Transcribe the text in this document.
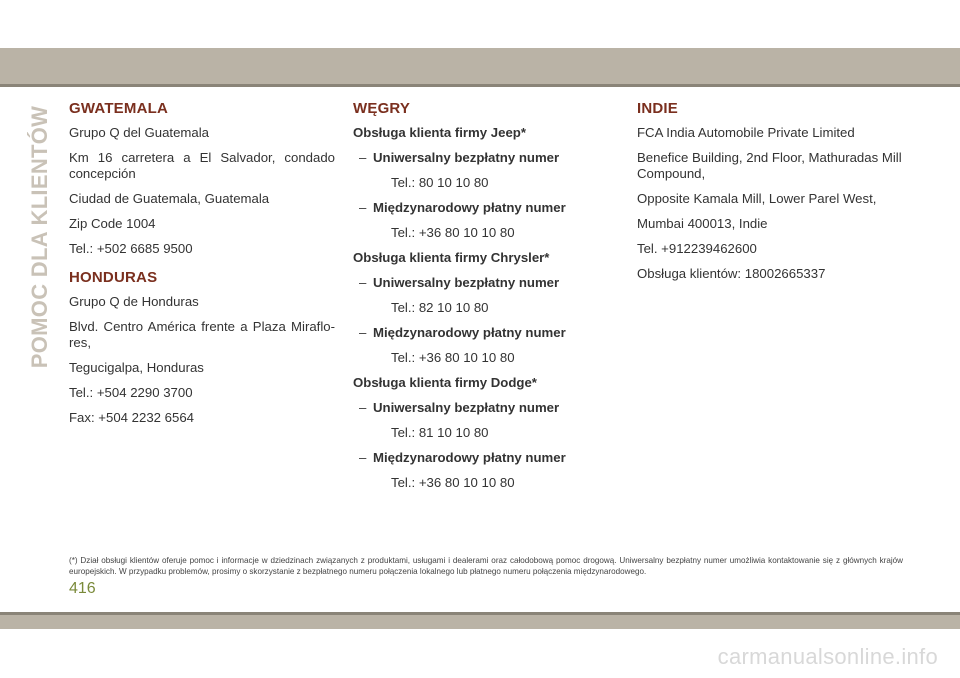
POMOC DLA KLIENTÓW GWATEMALA

Grupo Q del Guatemala

Km 16 carretera a El Salvador, condado concepción

Ciudad de Guatemala, Guatemala

Zip Code 1004

Tel.: +502 6685 9500

HONDURAS

Grupo Q de Honduras

Blvd. Centro América frente a Plaza Miraflo-res,

Tegucigalpa, Honduras

Tel.: +504 2290 3700

Fax: +504 2232 6564

WĘGRY

Obsługa klienta firmy Jeep*

– Uniwersalny bezpłatny numer

Tel.: 80 10 10 80

– Międzynarodowy płatny numer

Tel.: +36 80 10 10 80

Obsługa klienta firmy Chrysler*

– Uniwersalny bezpłatny numer

Tel.: 82 10 10 80

– Międzynarodowy płatny numer

Tel.: +36 80 10 10 80

Obsługa klienta firmy Dodge*

– Uniwersalny bezpłatny numer

Tel.: 81 10 10 80

– Międzynarodowy płatny numer

Tel.: +36 80 10 10 80

INDIE

FCA India Automobile Private Limited

Benefice Building, 2nd Floor, Mathuradas Mill Compound,

Opposite Kamala Mill, Lower Parel West,

Mumbai 400013, Indie

Tel. +912239462600

Obsługa klientów: 18002665337

(*) Dział obsługi klientów oferuje pomoc i informacje w dziedzinach związanych z produktami, usługami i dealerami oraz całodobową pomoc drogową. Uniwersalny bezpłatny numer umożliwia kontaktowanie się z głównych krajów europejskich. W przypadku problemów, prosimy o skorzystanie z bezpłatnego numeru połączenia lokalnego lub płatnego numeru połączenia międzynarodowego.
416
carmanualsonline.info
